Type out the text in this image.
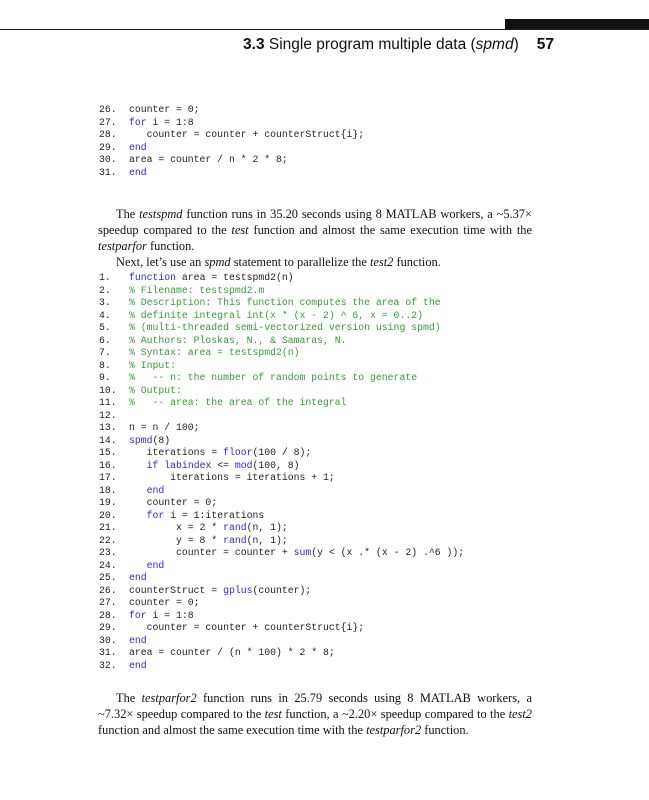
3.3 Single program multiple data (spmd) 57
26. counter = 0;
27. for i = 1:8
28.   counter = counter + counterStruct{i};
29. end
30. area = counter / n * 2 * 8;
31. end

The testspmd function runs in 35.20 seconds using 8 MATLAB workers, a ~5.37× speedup compared to the test function and almost the same execution time with the testparfor function.

Next, let’s use an spmd statement to parallelize the test2 function.

1. function area = testspmd2(n)
2. % Filename: testspmd2.m
3. % Description: This function computes the area of the
4. % definite integral int(x * (x - 2) ^ 6, x = 0..2)
5. % (multi-threaded semi-vectorized version using spmd)
6. % Authors: Ploskas, N., & Samaras, N.
7. % Syntax: area = testspmd2(n)
8. % Input:
9. %   -- n: the number of random points to generate
10. % Output:
11. %   -- area: the area of the integral
12.
13. n = n / 100;
14. spmd(8)
15.   iterations = floor(100 / 8);
16.	if labindex <= mod(100, 8)
17.       iterations = iterations + 1;
18.	end
19.   counter = 0;
20.	for i = 1:iterations
21.        x = 2 * rand(n, 1);
22.        y = 8 * rand(n, 1);
23.        counter = counter + sum(y < (x .* (x - 2) .^6 ));
24.	end
25. end
26. counterStruct = gplus(counter);
27. counter = 0;
28. for i = 1:8
29.   counter = counter + counterStruct{i};
30. end
31. area = counter / (n * 100) * 2 * 8;
32. end

The testparfor2 function runs in 25.79 seconds using 8 MATLAB workers, a ~7.32× speedup compared to the test function, a ~2.20× speedup compared to the test2 function and almost the same execution time with the testparfor2 function.
